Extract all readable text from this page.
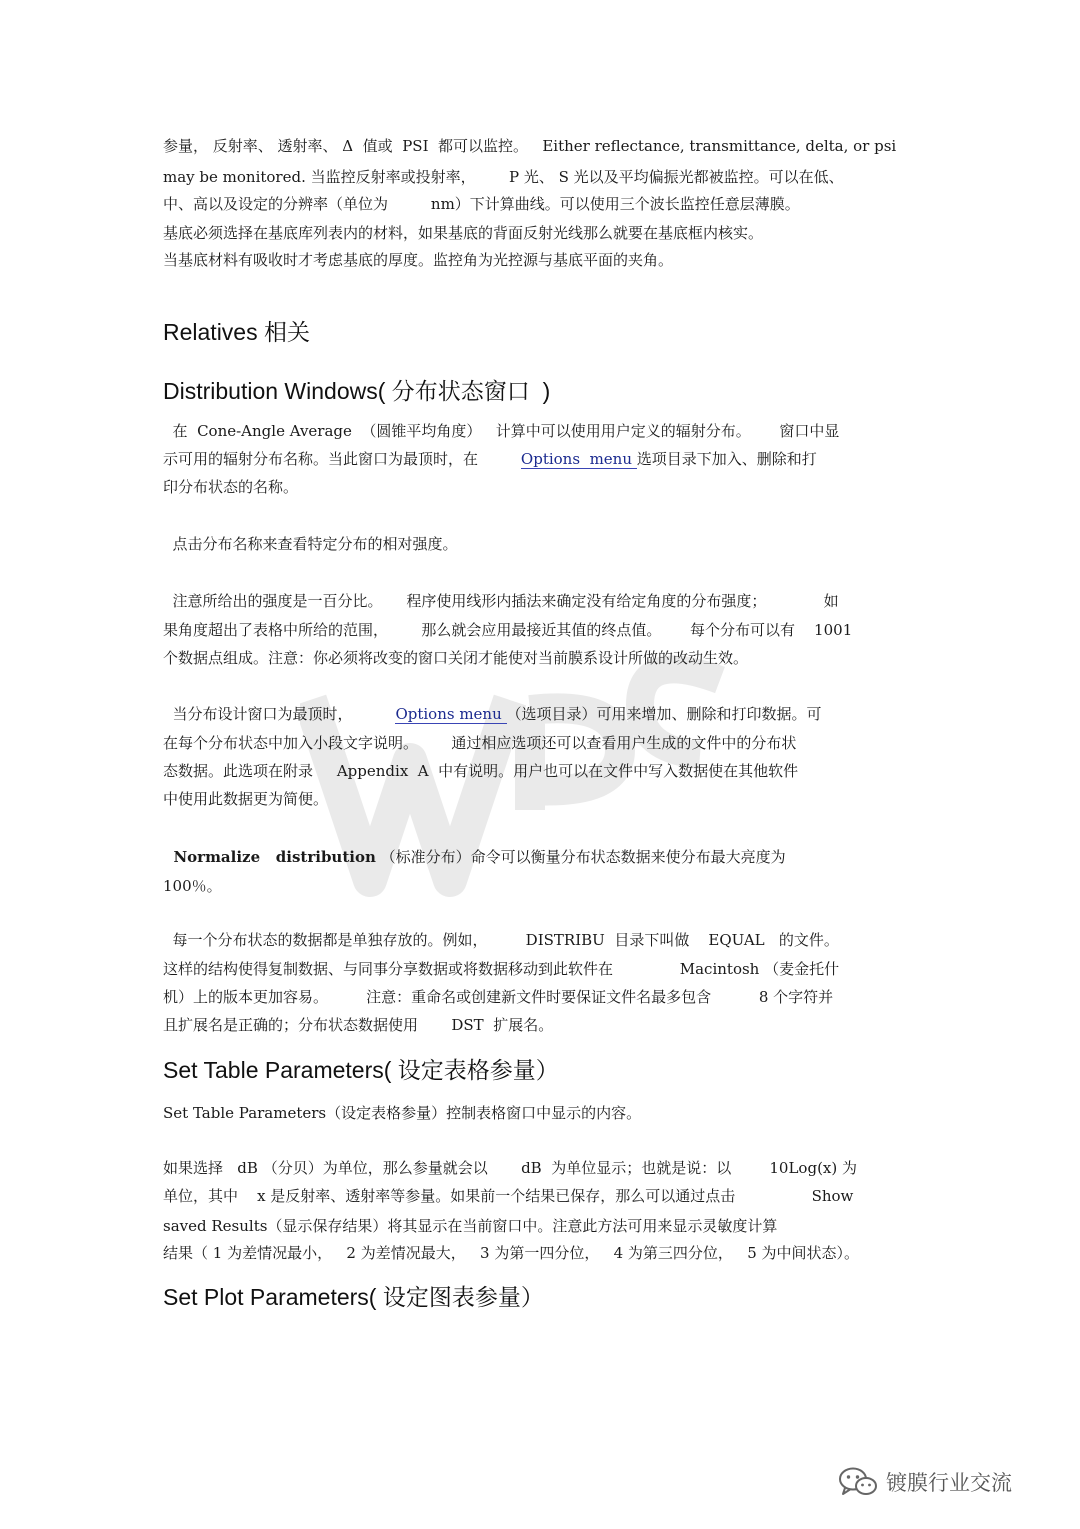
参量， 反射率、 透射率、 Δ  值或  PSI  都可以监控。   Either reflectance, transmittance, delta, or psi
may be monitored. 当监控反射率或投射率，       P 光、 S 光以及平均偏振光都被监控。可以在低、
中、高以及设定的分辨率（单位为         nm）下计算曲线。可以使用三个波长监控任意层薄膜。
基底必须选择在基底库列表内的材料，如果基底的背面反射光线那么就要在基底框内核实。
当基底材料有吸收时才考虑基底的厚度。监控角为光控源与基底平面的夹角。
Relatives 相关
Distribution Windows( 分布状态窗口  )
在  Cone-Angle Average  （圆锥平均角度）   计算中可以使用用户定义的辐射分布。      窗口中显
示可用的辐射分布名称。当此窗口为最顶时，在         Options  menu 选项目录下加入、删除和打
印分布状态的名称。
点击分布名称来查看特定分布的相对强度。
注意所给出的强度是一百分比。     程序使用线形内插法来确定没有给定角度的分布强度；            如
果角度超出了表格中所给的范围，       那么就会应用最接近其值的终点值。      每个分布可以有    1001
个数据点组成。注意：你必须将改变的窗口关闭才能使对当前膜系设计所做的改动生效。
当分布设计窗口为最顶时，         Options menu （选项目录）可用来增加、删除和打印数据。可
在每个分布状态中加入小段文字说明。       通过相应选项还可以查看用户生成的文件中的分布状
态数据。此选项在附录     Appendix  A  中有说明。用户也可以在文件中写入数据使在其他软件
中使用此数据更为简便。
Normalize   distribution （标准分布）命令可以衡量分布状态数据来使分布最大亮度为
100％。
每一个分布状态的数据都是单独存放的。例如，        DISTRIBU  目录下叫做    EQUAL   的文件。
这样的结构使得复制数据、与同事分享数据或将数据移动到此软件在              Macintosh （麦金托什
机）上的版本更加容易。        注意：重命名或创建新文件时要保证文件名最多包含          8 个字符并
且扩展名是正确的；分布状态数据使用       DST  扩展名。
Set Table Parameters( 设定表格参量）
Set Table Parameters（设定表格参量）控制表格窗口中显示的内容。
如果选择   dB （分贝）为单位，那么参量就会以       dB  为单位显示；也就是说：以        10Log(x) 为
单位，其中    x 是反射率、透射率等参量。如果前一个结果已保存，那么可以通过点击                Show
saved Results（显示保存结果）将其显示在当前窗口中。注意此方法可用来显示灵敏度计算
结果（ 1 为差情况最小，   2 为差情况最大，   3 为第一四分位，   4 为第三四分位，   5 为中间状态）。
Set Plot Parameters( 设定图表参量）
镀膜行业交流
